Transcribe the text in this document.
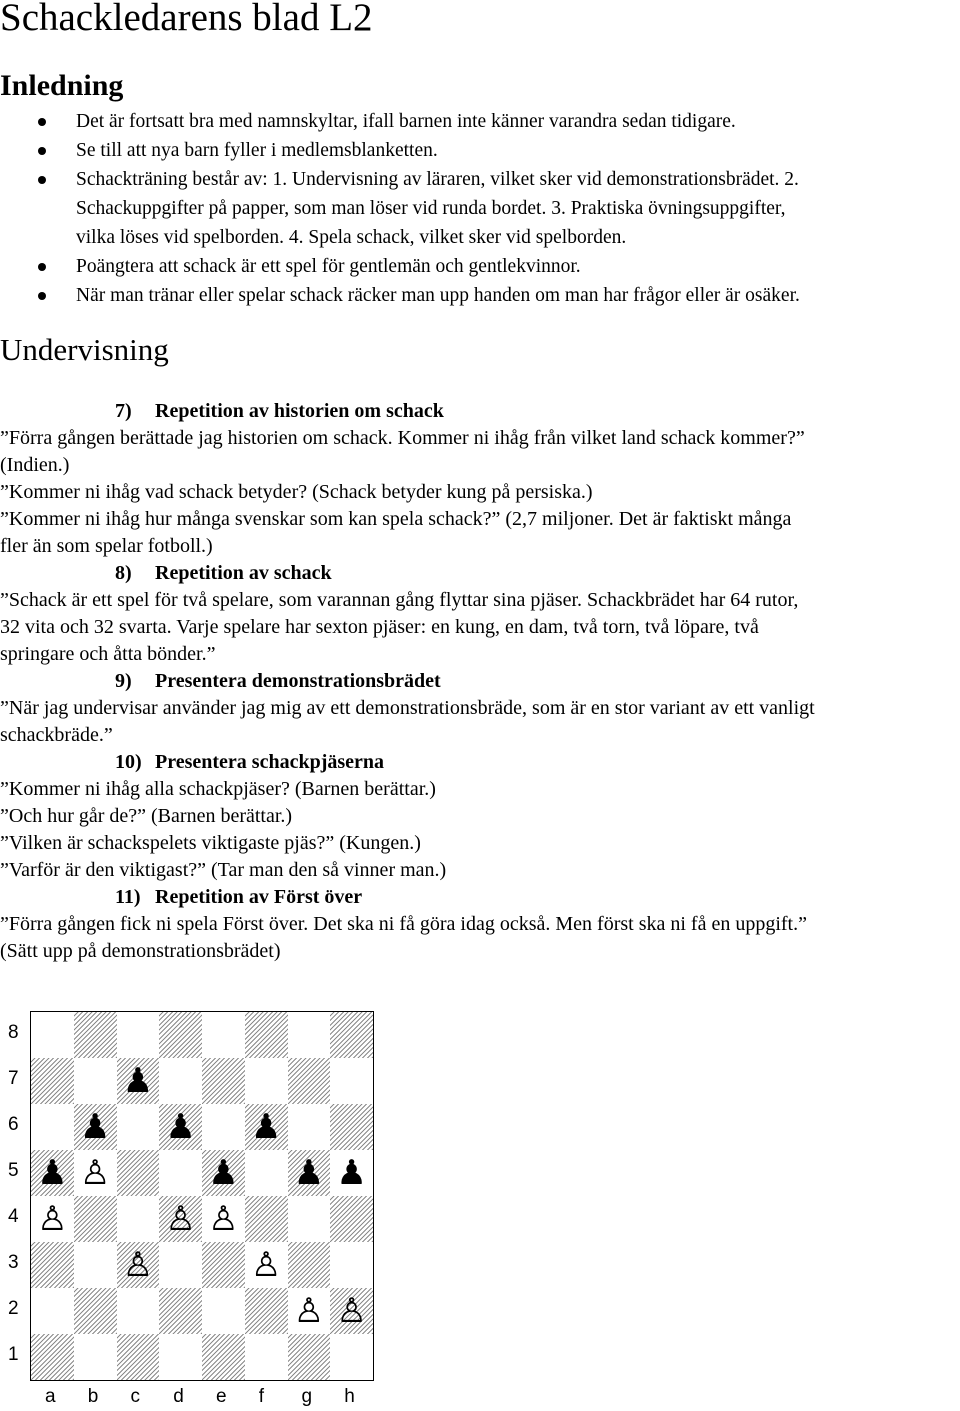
Schackledarens blad L2
Inledning
Det är fortsatt bra med namnskyltar, ifall barnen inte känner varandra sedan tidigare.
Se till att nya barn fyller i medlemsblanketten.
Schackträning består av: 1. Undervisning av läraren, vilket sker vid demonstrationsbrädet. 2.
Schackuppgifter på papper, som man löser vid runda bordet. 3. Praktiska övningsuppgifter,
vilka löses vid spelborden. 4. Spela schack, vilket sker vid spelborden.
Poängtera att schack är ett spel för gentlemän och gentlekvinnor.
När man tränar eller spelar schack räcker man upp handen om man har frågor eller är osäker.
Undervisning
7) Repetition av historien om schack
”Förra gången berättade jag historien om schack. Kommer ni ihåg från vilket land schack kommer?”
(Indien.)
”Kommer ni ihåg vad schack betyder? (Schack betyder kung på persiska.)
”Kommer ni ihåg hur många svenskar som kan spela schack?” (2,7 miljoner. Det är faktiskt många
fler än som spelar fotboll.)
8) Repetition av schack
”Schack är ett spel för två spelare, som varannan gång flyttar sina pjäser. Schackbrädet har 64 rutor,
32 vita och 32 svarta. Varje spelare har sexton pjäser: en kung, en dam, två torn, två löpare, två
springare och åtta bönder.”
9) Presentera demonstrationsbrädet
”När jag undervisar använder jag mig av ett demonstrationsbräde, som är en stor variant av ett vanligt
schackbräde.”
10) Presentera schackpjäserna
”Kommer ni ihåg alla schackpjäser? (Barnen berättar.)
”Och hur går de?” (Barnen berättar.)
”Vilken är schackspelets viktigaste pjäs?” (Kungen.)
”Varför är den viktigast?” (Tar man den så vinner man.)
11) Repetition av Först över
”Förra gången fick ni spela Först över. Det ska ni få göra idag också. Men först ska ni få en uppgift.”
(Sätt upp på demonstrationsbrädet)
♟
♟ ♟ ♟
♟ ♙	♟ ♟ ♟
♙	♙ ♙
♙	♙
♙ ♙
8
7
6
5
4
3
2
1
a b c d e f g h
